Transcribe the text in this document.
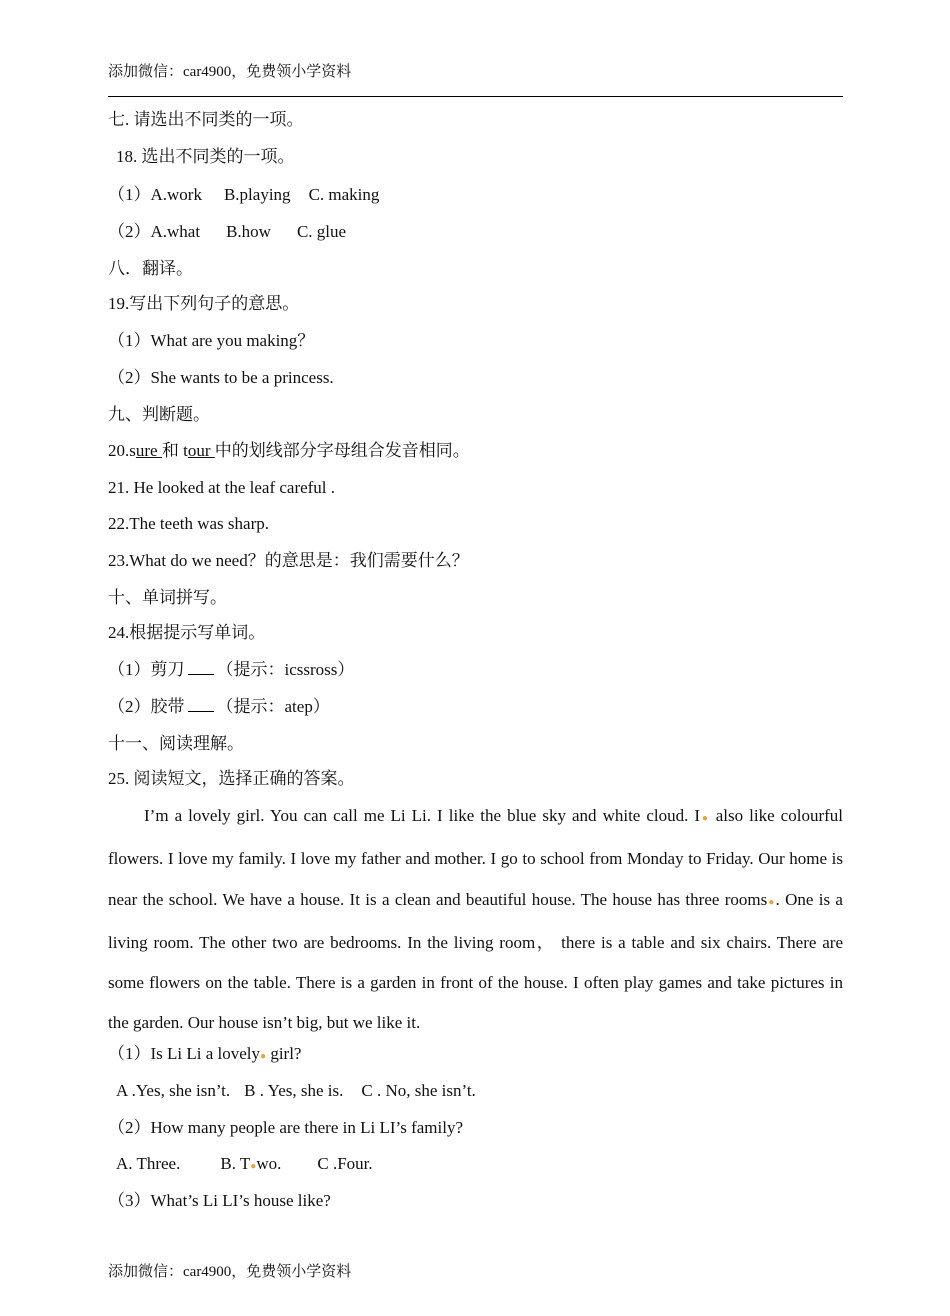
添加微信：car4900，免费领小学资料
七. 请选出不同类的一项。
18. 选出不同类的一项。
（1）A.work B.playing C. making
（2）A.what B.how C. glue
八．翻译。
19.写出下列句子的意思。
（1）What are you making？
（2）She wants to be a princess.
九、判断题。
20.sure 和 tour 中的划线部分字母组合发音相同。
21. He looked at the leaf careful .
22.The teeth was sharp.
23.What do we need？的意思是：我们需要什么？
十、单词拼写。
24.根据提示写单词。
（1）剪刀 （提示：icssross）
（2）胶带 （提示：atep）
十一、阅读理解。
25. 阅读短文，选择正确的答案。
I’m a lovely girl. You can call me Li Li. I like the blue sky and white cloud. I● also like colourful flowers. I love my family. I love my father and mother. I go to school from Monday to Friday. Our home is near the school. We have a house. It is a clean and beautiful house. The house has three rooms●. One is a living room. The other two are bedrooms. In the living room， there is a table and six chairs. There are some flowers on the table. There is a garden in front of the house. I often play games and take pictures in the garden. Our house isn’t big, but we like it.
（1）Is Li Li a lovely● girl?
A .Yes, she isn’t. B . Yes, she is. C . No, she isn’t.
（2）How many people are there in Li LI’s family?
A. Three. B. T●wo. C .Four.
（3）What’s Li LI’s house like?
添加微信：car4900，免费领小学资料
